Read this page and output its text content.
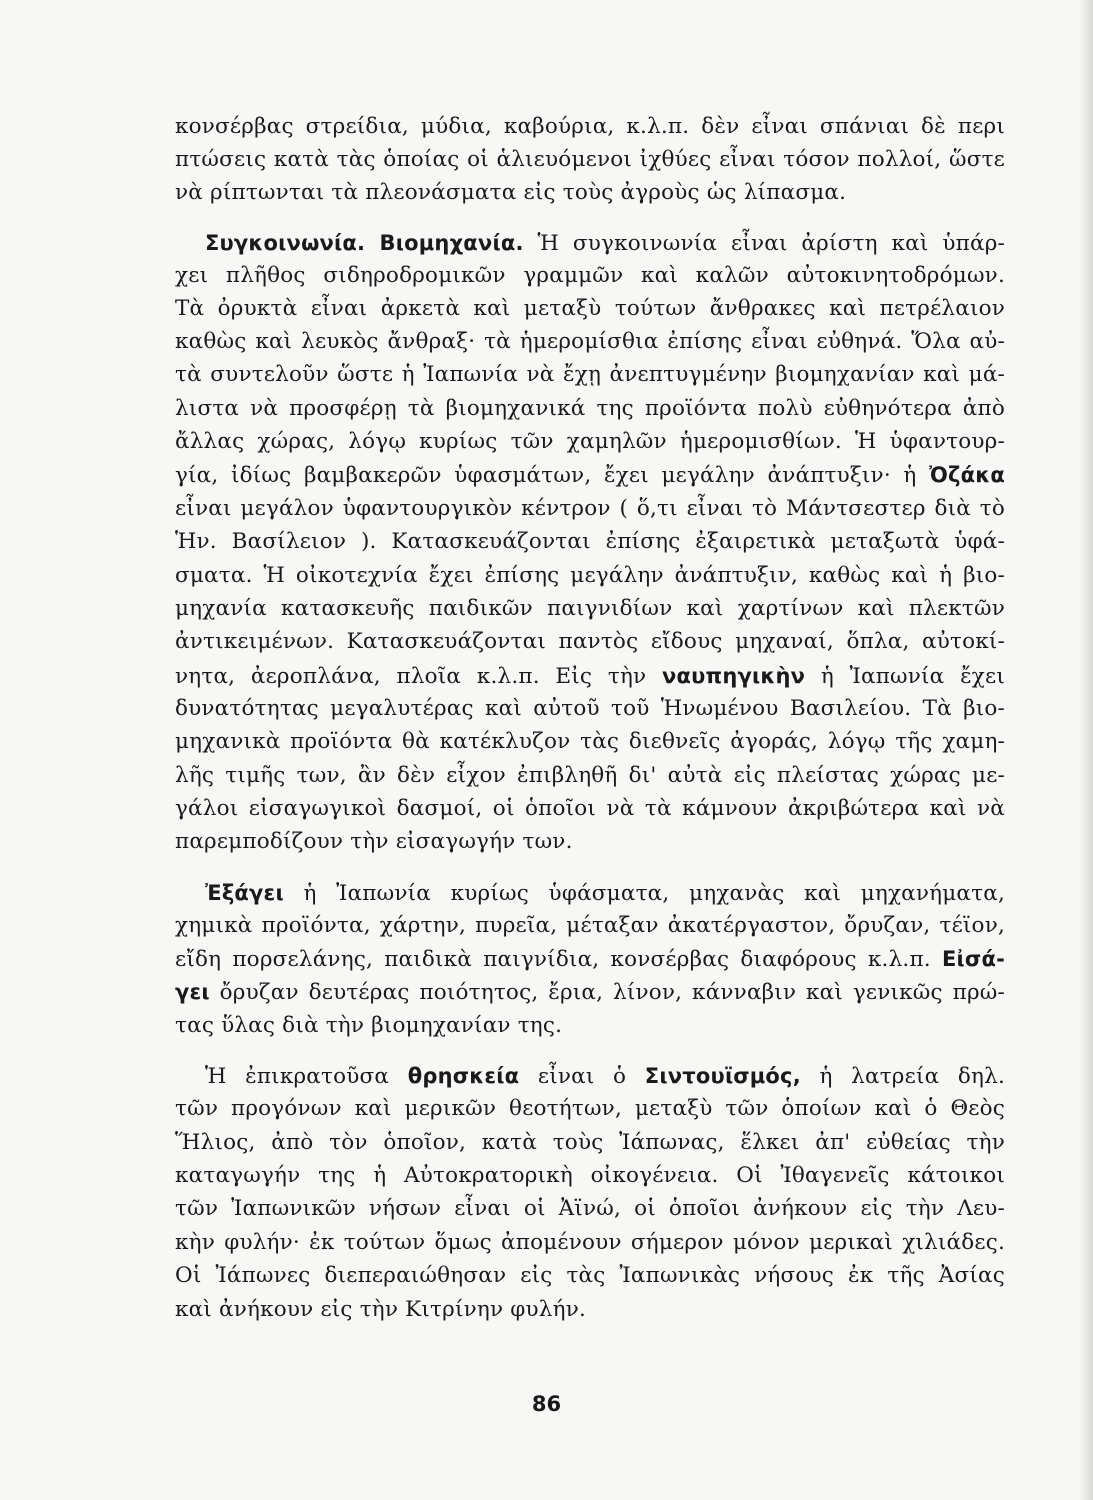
κονσέρβας στρείδια, μύδια, καβούρια, κ.λ.π. δὲν εἶναι σπάνιαι δὲ περι
πτώσεις κατὰ τὰς ὁποίας οἱ ἁλιευόμενοι ἰχθύες εἶναι τόσον πολλοί, ὥστε
νὰ ρίπτωνται τὰ πλεονάσματα εἰς τοὺς ἀγροὺς ὡς λίπασμα.
Συγκοινωνία. Βιομηχανία. Ἡ συγκοινωνία εἶναι ἀρίστη καὶ ὑπάρ-
χει πλῆθος σιδηροδρομικῶν γραμμῶν καὶ καλῶν αὐτοκινητοδρόμων.
Τὰ ὀρυκτὰ εἶναι ἀρκετὰ καὶ μεταξὺ τούτων ἄνθρακες καὶ πετρέλαιον
καθὼς καὶ λευκὸς ἄνθραξ· τὰ ἡμερομίσθια ἐπίσης εἶναι εὐθηνά. Ὅλα αὐ-
τὰ συντελοῦν ὥστε ἡ Ἰαπωνία νὰ ἔχῃ ἀνεπτυγμένην βιομηχανίαν καὶ μά-
λιστα νὰ προσφέρῃ τὰ βιομηχανικά της προϊόντα πολὺ εὐθηνότερα ἀπὸ
ἄλλας χώρας, λόγῳ κυρίως τῶν χαμηλῶν ἡμερομισθίων. Ἡ ὑφαντουρ-
γία, ἰδίως βαμβακερῶν ὑφασμάτων, ἔχει μεγάλην ἀνάπτυξιν· ἡ Ὀζάκα
εἶναι μεγάλον ὑφαντουργικὸν κέντρον ( ὅ,τι εἶναι τὸ Μάντσεστερ διὰ τὸ
Ἡν. Βασίλειον ). Κατασκευάζονται ἐπίσης ἐξαιρετικὰ μεταξωτὰ ὑφά-
σματα. Ἡ οἰκοτεχνία ἔχει ἐπίσης μεγάλην ἀνάπτυξιν, καθὼς καὶ ἡ βιο-
μηχανία κατασκευῆς παιδικῶν παιγνιδίων καὶ χαρτίνων καὶ πλεκτῶν
ἀντικειμένων. Κατασκευάζονται παντὸς εἴδους μηχαναί, ὅπλα, αὐτοκί-
νητα, ἀεροπλάνα, πλοῖα κ.λ.π. Εἰς τὴν ναυπηγικὴν ἡ Ἰαπωνία ἔχει
δυνατότητας μεγαλυτέρας καὶ αὐτοῦ τοῦ Ἡνωμένου Βασιλείου. Τὰ βιο-
μηχανικὰ προϊόντα θὰ κατέκλυζον τὰς διεθνεῖς ἀγοράς, λόγῳ τῆς χαμη-
λῆς τιμῆς των, ἂν δὲν εἶχον ἐπιβληθῆ δι' αὐτὰ εἰς πλείστας χώρας με-
γάλοι εἰσαγωγικοὶ δασμοί, οἱ ὁποῖοι νὰ τὰ κάμνουν ἀκριβώτερα καὶ νὰ
παρεμποδίζουν τὴν εἰσαγωγήν των.
Ἐξάγει ἡ Ἰαπωνία κυρίως ὑφάσματα, μηχανὰς καὶ μηχανήματα,
χημικὰ προϊόντα, χάρτην, πυρεῖα, μέταξαν ἀκατέργαστον, ὄρυζαν, τέϊον,
εἴδη πορσελάνης, παιδικὰ παιγνίδια, κονσέρβας διαφόρους κ.λ.π. Εἰσά-
γει ὄρυζαν δευτέρας ποιότητος, ἔρια, λίνον, κάνναβιν καὶ γενικῶς πρώ-
τας ὕλας διὰ τὴν βιομηχανίαν της.
Ἡ ἐπικρατοῦσα θρησκεία εἶναι ὁ Σιντουϊσμός, ἡ λατρεία δηλ.
τῶν προγόνων καὶ μερικῶν θεοτήτων, μεταξὺ τῶν ὁποίων καὶ ὁ Θεὸς
Ἥλιος, ἀπὸ τὸν ὁποῖον, κατὰ τοὺς Ἰάπωνας, ἕλκει ἀπ' εὐθείας τὴν
καταγωγήν της ἡ Αὐτοκρατορικὴ οἰκογένεια. Οἱ Ἰθαγενεῖς κάτοικοι
τῶν Ἰαπωνικῶν νήσων εἶναι οἱ Ἀϊνώ, οἱ ὁποῖοι ἀνήκουν εἰς τὴν Λευ-
κὴν φυλήν· ἐκ τούτων ὅμως ἀπομένουν σήμερον μόνον μερικαὶ χιλιάδες.
Οἱ Ἰάπωνες διεπεραιώθησαν εἰς τὰς Ἰαπωνικὰς νήσους ἐκ τῆς Ἀσίας
καὶ ἀνήκουν εἰς τὴν Κιτρίνην φυλήν.
86
